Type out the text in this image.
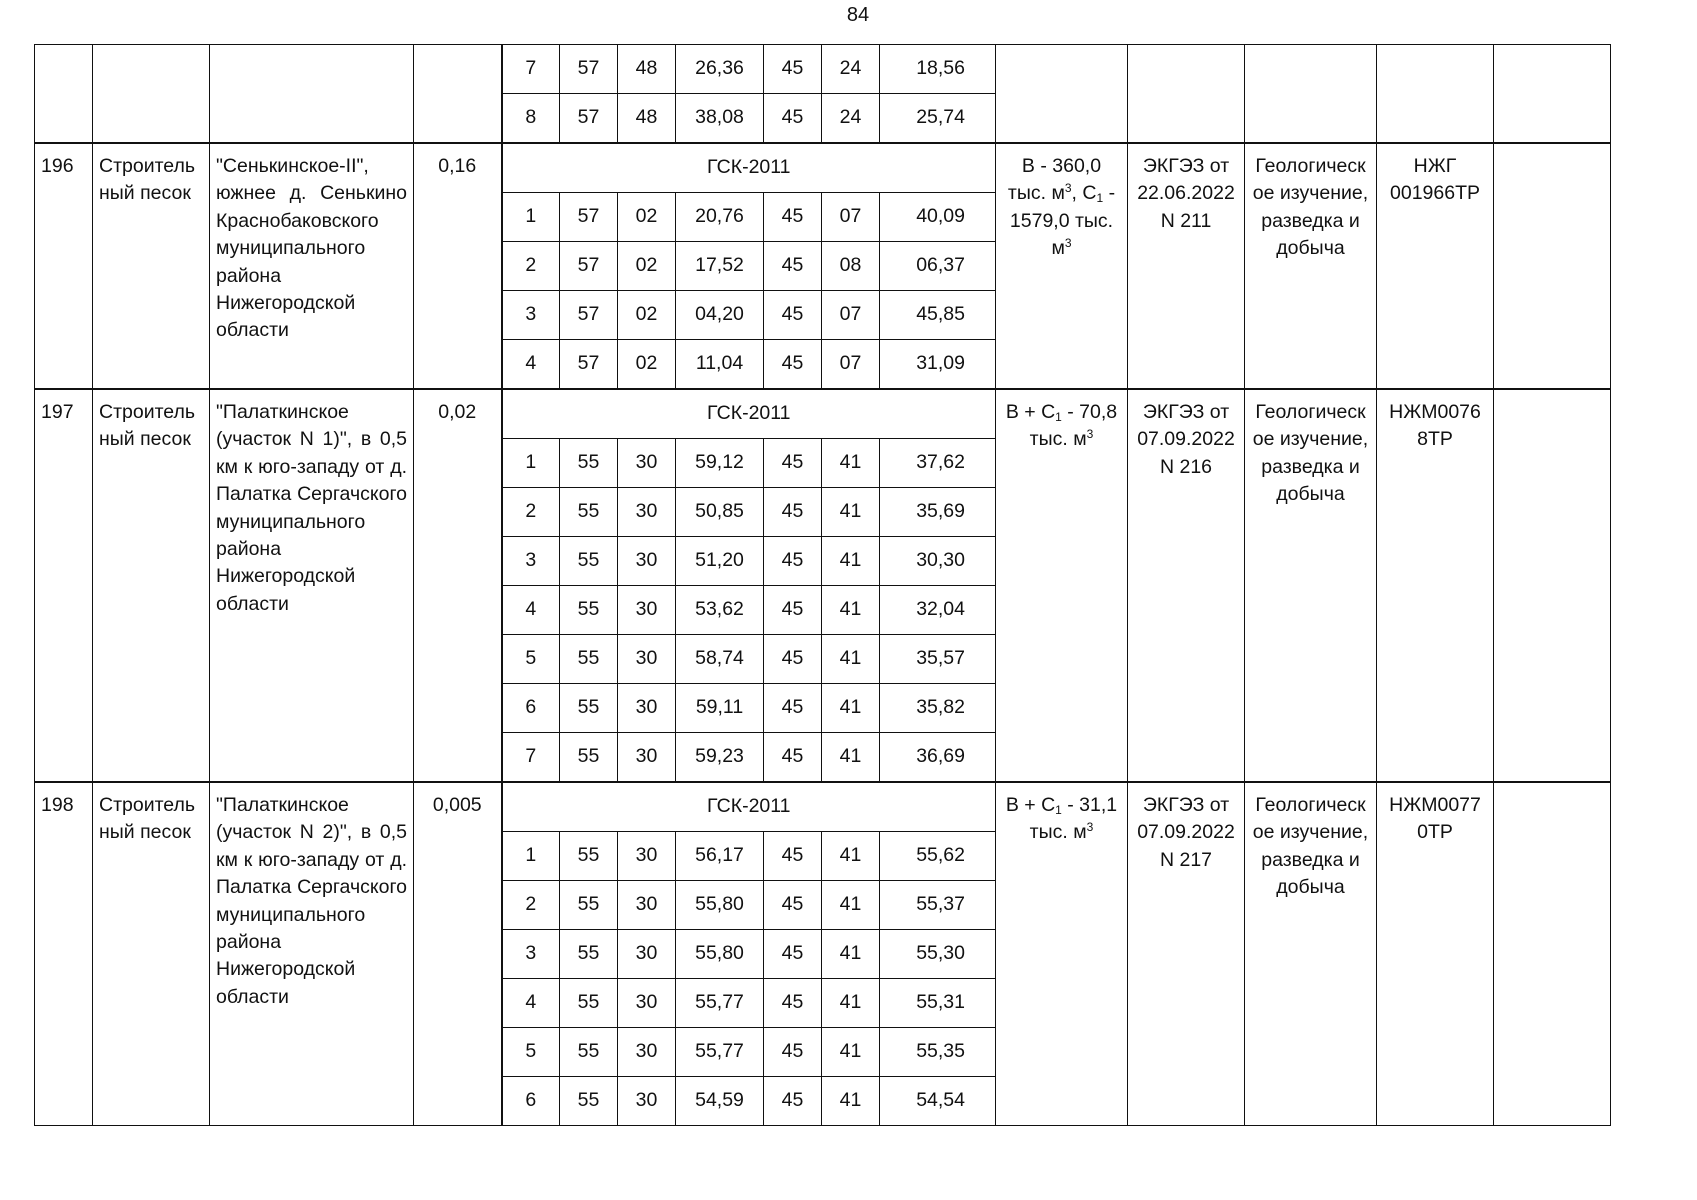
84
				7	57	48	26,36	45	24	18,56					
				8	57	48	38,08	45	24	25,74					
196	Строитель ный песок	"Сенькинское-II", южнее д. Сенькино Краснобаковского муниципального района Нижегородской области	0,16	ГСК-2011							В - 360,0 тыс. $м^3$, $С_1 - 1579,0$ тыс. $м^3$	ЭКГЭЗ от 22.06.2022 N 211	Геологическ ое изучение, разведка и добыча	НЖГ 001966ТР	
				1	57	02	20,76	45	07	40,09					
				2	57	02	17,52	45	08	06,37					
				3	57	02	04,20	45	07	45,85					
				4	57	02	11,04	45	07	31,09					
197	Строитель ный песок	"Палаткинское (участок N 1)", в 0,5 км к юго-западу от д. Палатка Сергачского муниципального района Нижегородской области	0,02	ГСК-2011							$В + С_1 - 70,8$ тыс. $м^3$	ЭКГЭЗ от 07.09.2022 N 216	Геологическ ое изучение, разведка и добыча	НЖМ0076 8ТР	
				1	55	30	59,12	45	41	37,62					
				2	55	30	50,85	45	41	35,69					
				3	55	30	51,20	45	41	30,30					
				4	55	30	53,62	45	41	32,04					
				5	55	30	58,74	45	41	35,57					
				6	55	30	59,11	45	41	35,82					
				7	55	30	59,23	45	41	36,69					
198	Строитель ный песок	"Палаткинское (участок N 2)", в 0,5 км к юго-западу от д. Палатка Сергачского муниципального района Нижегородской области	0,005	ГСК-2011							$В + С_1 - 31,1$ тыс. $м^3$	ЭКГЭЗ от 07.09.2022 N 217	Геологическ ое изучение, разведка и добыча	НЖМ0077 0ТР	
				1	55	30	56,17	45	41	55,62					
				2	55	30	55,80	45	41	55,37					
				3	55	30	55,80	45	41	55,30					
				4	55	30	55,77	45	41	55,31					
				5	55	30	55,77	45	41	55,35					
				6	55	30	54,59	45	41	54,54					
